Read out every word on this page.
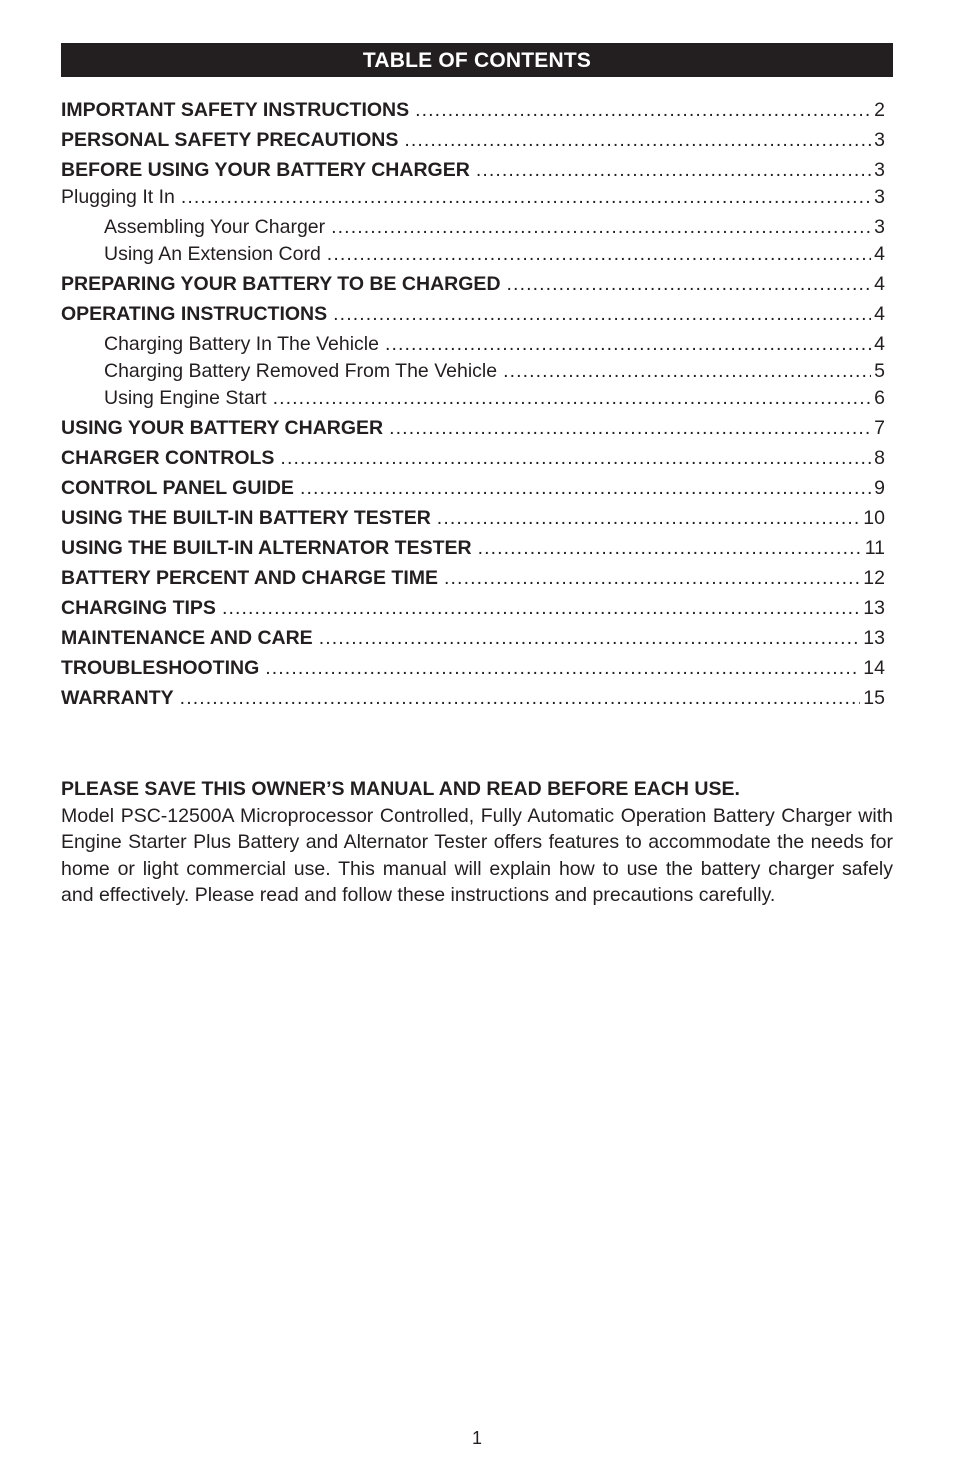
TABLE OF CONTENTS
IMPORTANT SAFETY INSTRUCTIONS .....	2
PERSONAL SAFETY PRECAUTIONS .....	3
BEFORE USING YOUR BATTERY CHARGER .....	3
Plugging It In .....	3
Assembling Your Charger .....	3
Using An Extension Cord .....	4
PREPARING YOUR BATTERY TO BE CHARGED .....	4
OPERATING INSTRUCTIONS .....	4
Charging Battery In The Vehicle .....	4
Charging Battery Removed From The Vehicle .....	5
Using Engine Start .....	6
USING YOUR BATTERY CHARGER .....	7
CHARGER CONTROLS .....	8
CONTROL PANEL GUIDE .....	9
USING THE BUILT-IN BATTERY TESTER .....	10
USING THE BUILT-IN ALTERNATOR TESTER .....	11
BATTERY PERCENT AND CHARGE TIME .....	12
CHARGING TIPS .....	13
MAINTENANCE AND CARE .....	13
TROUBLESHOOTING .....	14
WARRANTY .....	15

PLEASE SAVE THIS OWNER’S MANUAL AND READ BEFORE EACH USE.

Model PSC-12500A Microprocessor Controlled, Fully Automatic Operation Battery Charger with Engine Starter Plus Battery and Alternator Tester offers features to accommodate the needs for home or light commercial use. This manual will explain how to use the battery charger safely and effectively. Please read and follow these instructions and precautions carefully.

1
